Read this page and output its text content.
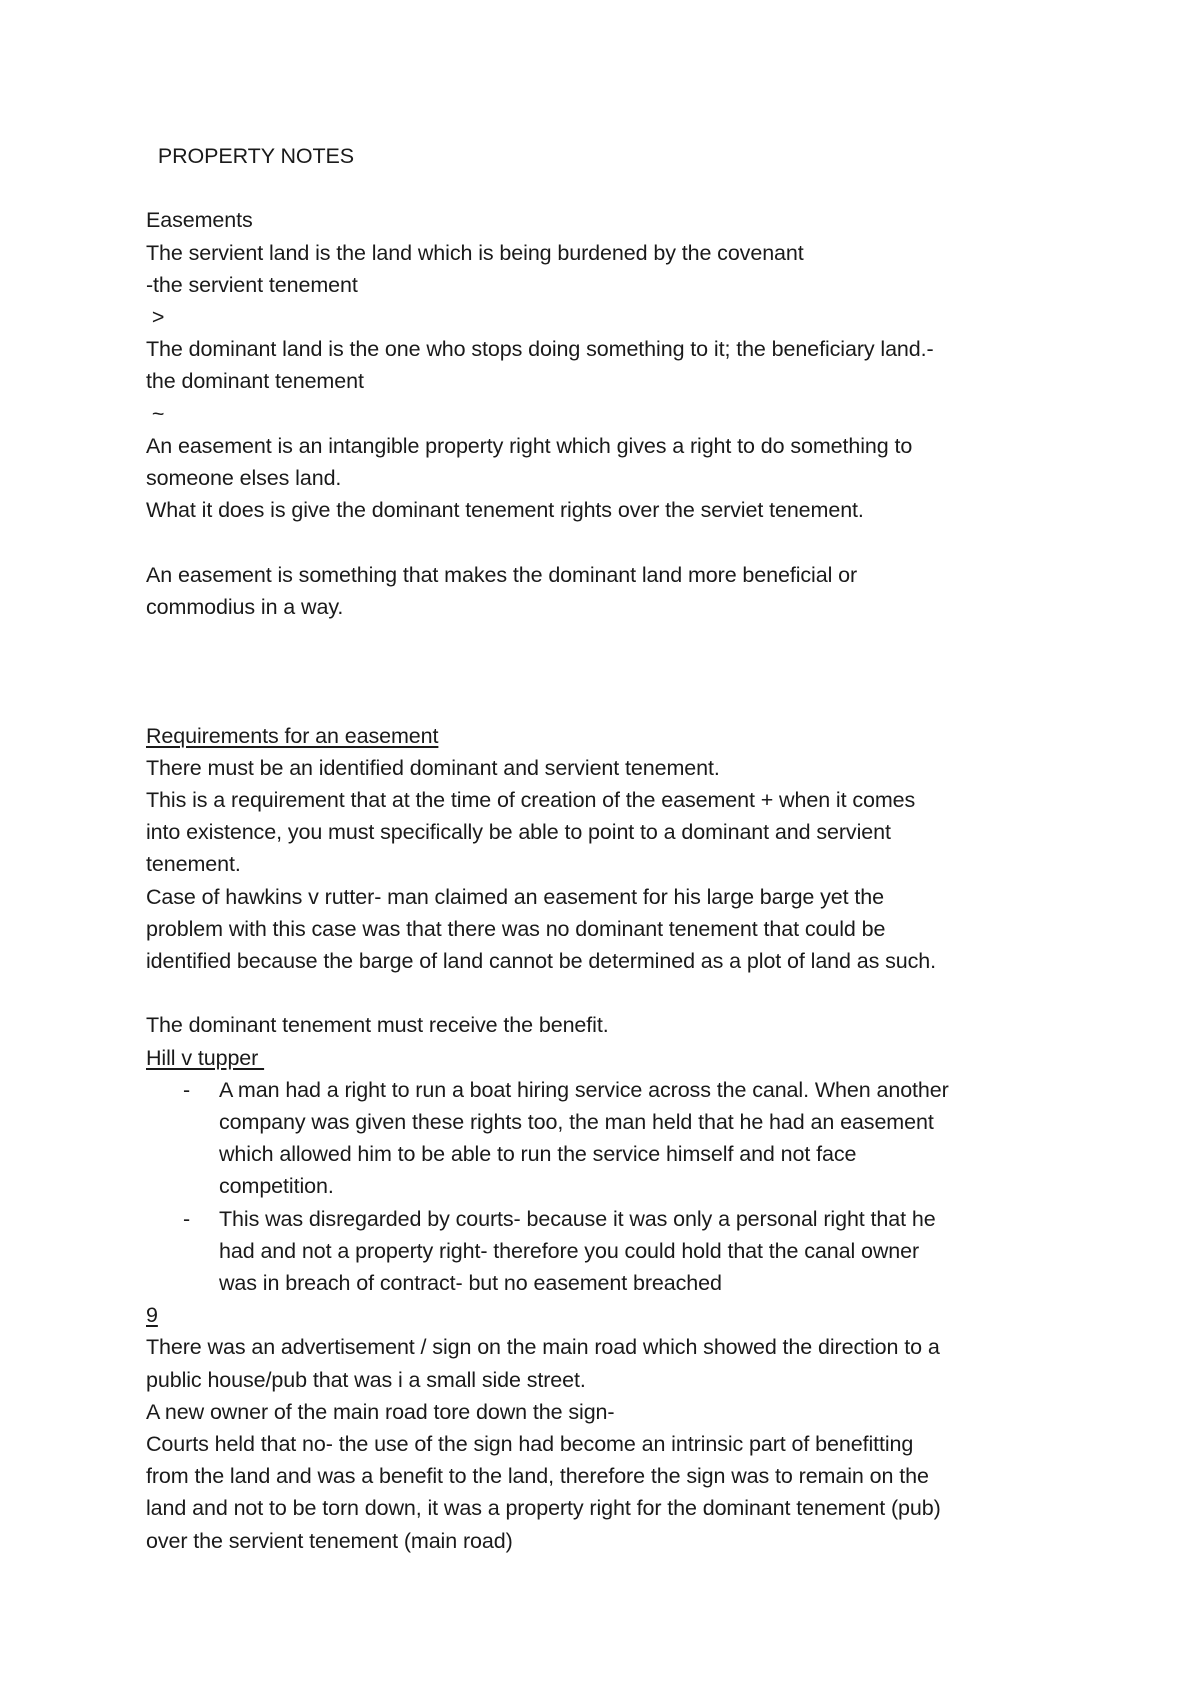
PROPERTY NOTES
Easements
The servient land is the land which is being burdened by the covenant
-the servient tenement
>
The dominant land is the one who stops doing something to it; the beneficiary land.-
the dominant tenement
~
An easement is an intangible property right which gives a right to do something to
someone elses land.
What it does is give the dominant tenement rights over the serviet tenement.
An easement is something that makes the dominant land more beneficial or
commodius in a way.
Requirements for an easement
There must be an identified dominant and servient tenement.
This is a requirement that at the time of creation of the easement + when it comes
into existence, you must specifically be able to point to a dominant and servient
tenement.
Case of hawkins v rutter- man claimed an easement for his large barge yet the
problem with this case was that there was no dominant tenement that could be
identified because the barge of land cannot be determined as a plot of land as such.
The dominant tenement must receive the benefit.
Hill v tupper
- A man had a right to run a boat hiring service across the canal. When another
company was given these rights too, the man held that he had an easement
which allowed him to be able to run the service himself and not face
competition.
- This was disregarded by courts- because it was only a personal right that he
had and not a property right- therefore you could hold that the canal owner
was in breach of contract- but no easement breached
9
There was an advertisement / sign on the main road which showed the direction to a
public house/pub that was i a small side street.
A new owner of the main road tore down the sign-
Courts held that no- the use of the sign had become an intrinsic part of benefitting
from the land and was a benefit to the land, therefore the sign was to remain on the
land and not to be torn down, it was a property right for the dominant tenement (pub)
over the servient tenement (main road)
